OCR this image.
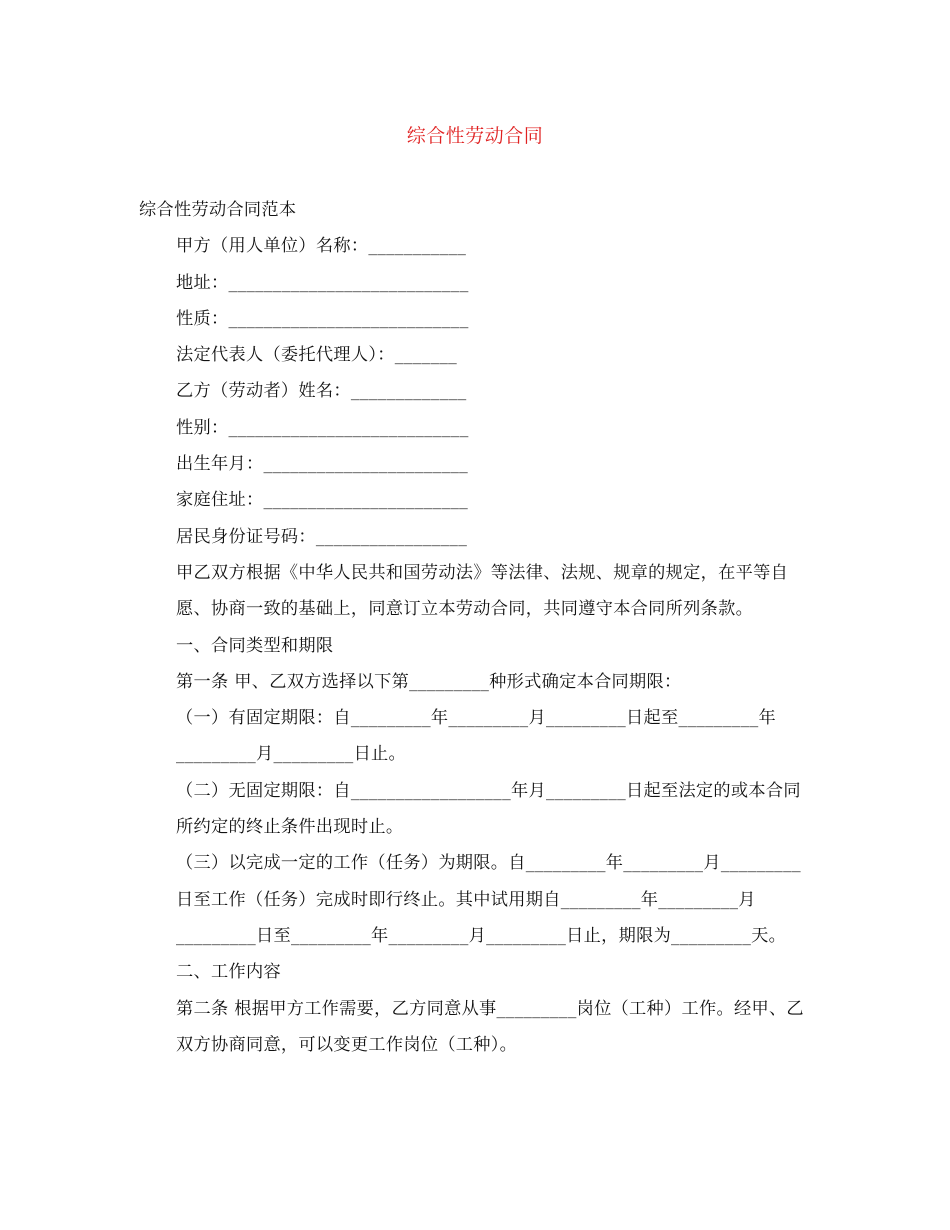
综合性劳动合同

综合性劳动合同范本

甲方（用人单位）名称：___________

地址：___________________________

性质：___________________________

法定代表人（委托代理人）：_______

乙方（劳动者）姓名：_____________

性别：___________________________

出生年月：_______________________

家庭住址：_______________________

居民身份证号码：_________________

甲乙双方根据《中华人民共和国劳动法》等法律、法规、规章的规定，在平等自愿、协商一致的基础上，同意订立本劳动合同，共同遵守本合同所列条款。

一、合同类型和期限

第一条 甲、乙双方选择以下第_________种形式确定本合同期限：

（一）有固定期限：自_________年_________月_________日起至_________年_________月_________日止。

（二）无固定期限：自__________________年月_________日起至法定的或本合同所约定的终止条件出现时止。

（三）以完成一定的工作（任务）为期限。自_________年_________月_________日至工作（任务）完成时即行终止。其中试用期自_________年_________月_________日至_________年_________月_________日止，期限为_________天。

二、工作内容

第二条 根据甲方工作需要，乙方同意从事_________岗位（工种）工作。经甲、乙双方协商同意，可以变更工作岗位（工种）。
